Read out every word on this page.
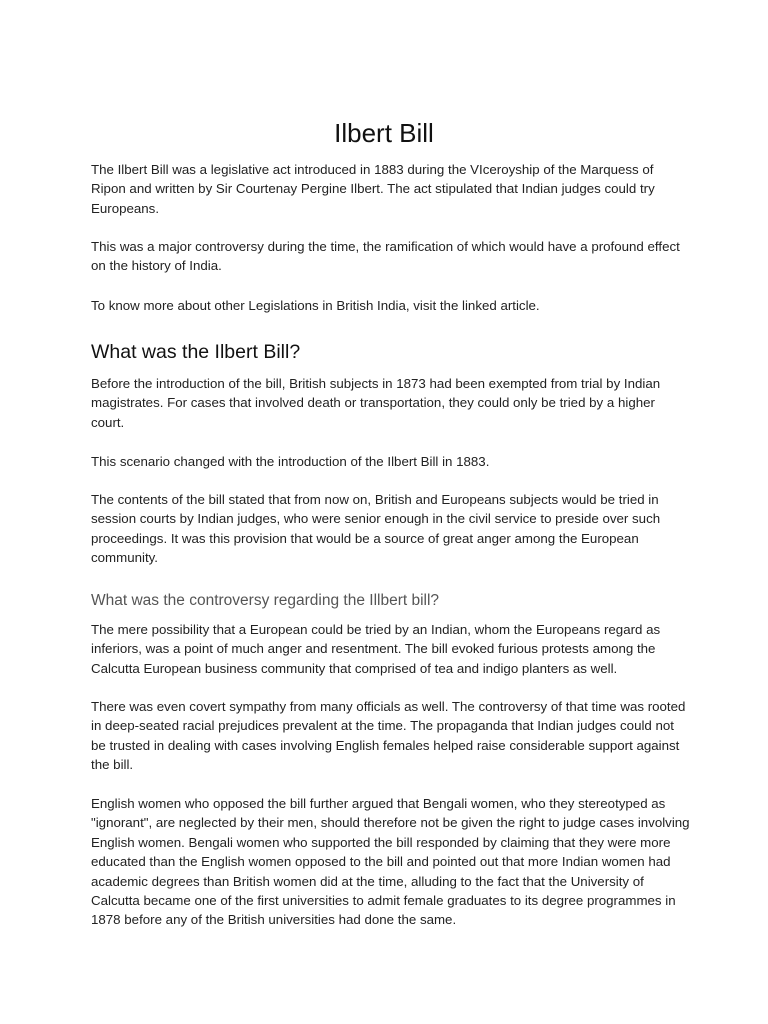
Ilbert Bill

The Ilbert Bill was a legislative act introduced in 1883 during the VIceroyship of the Marquess of Ripon and written by Sir Courtenay Pergine Ilbert. The act stipulated that Indian judges could try Europeans.

This was a major controversy during the time, the ramification of which would have a profound effect on the history of India.

To know more about other Legislations in British India, visit the linked article.

What was the Ilbert Bill?

Before the introduction of the bill, British subjects in 1873 had been exempted from trial by Indian magistrates. For cases that involved death or transportation, they could only be tried by a higher court.

This scenario changed with the introduction of the Ilbert Bill in 1883.

The contents of the bill stated that from now on, British and Europeans subjects would be tried in session courts by Indian judges, who were senior enough in the civil service to preside over such proceedings. It was this provision that would be a source of great anger among the European community.

What was the controversy regarding the Illbert bill?

The mere possibility that a European could be tried by an Indian, whom the Europeans regard as inferiors, was a point of much anger and resentment. The bill evoked furious protests among the Calcutta European business community that comprised of tea and indigo planters as well.

There was even covert sympathy from many officials as well. The controversy of that time was rooted in deep-seated racial prejudices prevalent at the time. The propaganda that Indian judges could not be trusted in dealing with cases involving English females helped raise considerable support against the bill.

English women who opposed the bill further argued that Bengali women, who they stereotyped as "ignorant", are neglected by their men, should therefore not be given the right to judge cases involving English women. Bengali women who supported the bill responded by claiming that they were more educated than the English women opposed to the bill and pointed out that more Indian women had academic degrees than British women did at the time, alluding to the fact that the University of Calcutta became one of the first universities to admit female graduates to its degree programmes in 1878 before any of the British universities had done the same.
